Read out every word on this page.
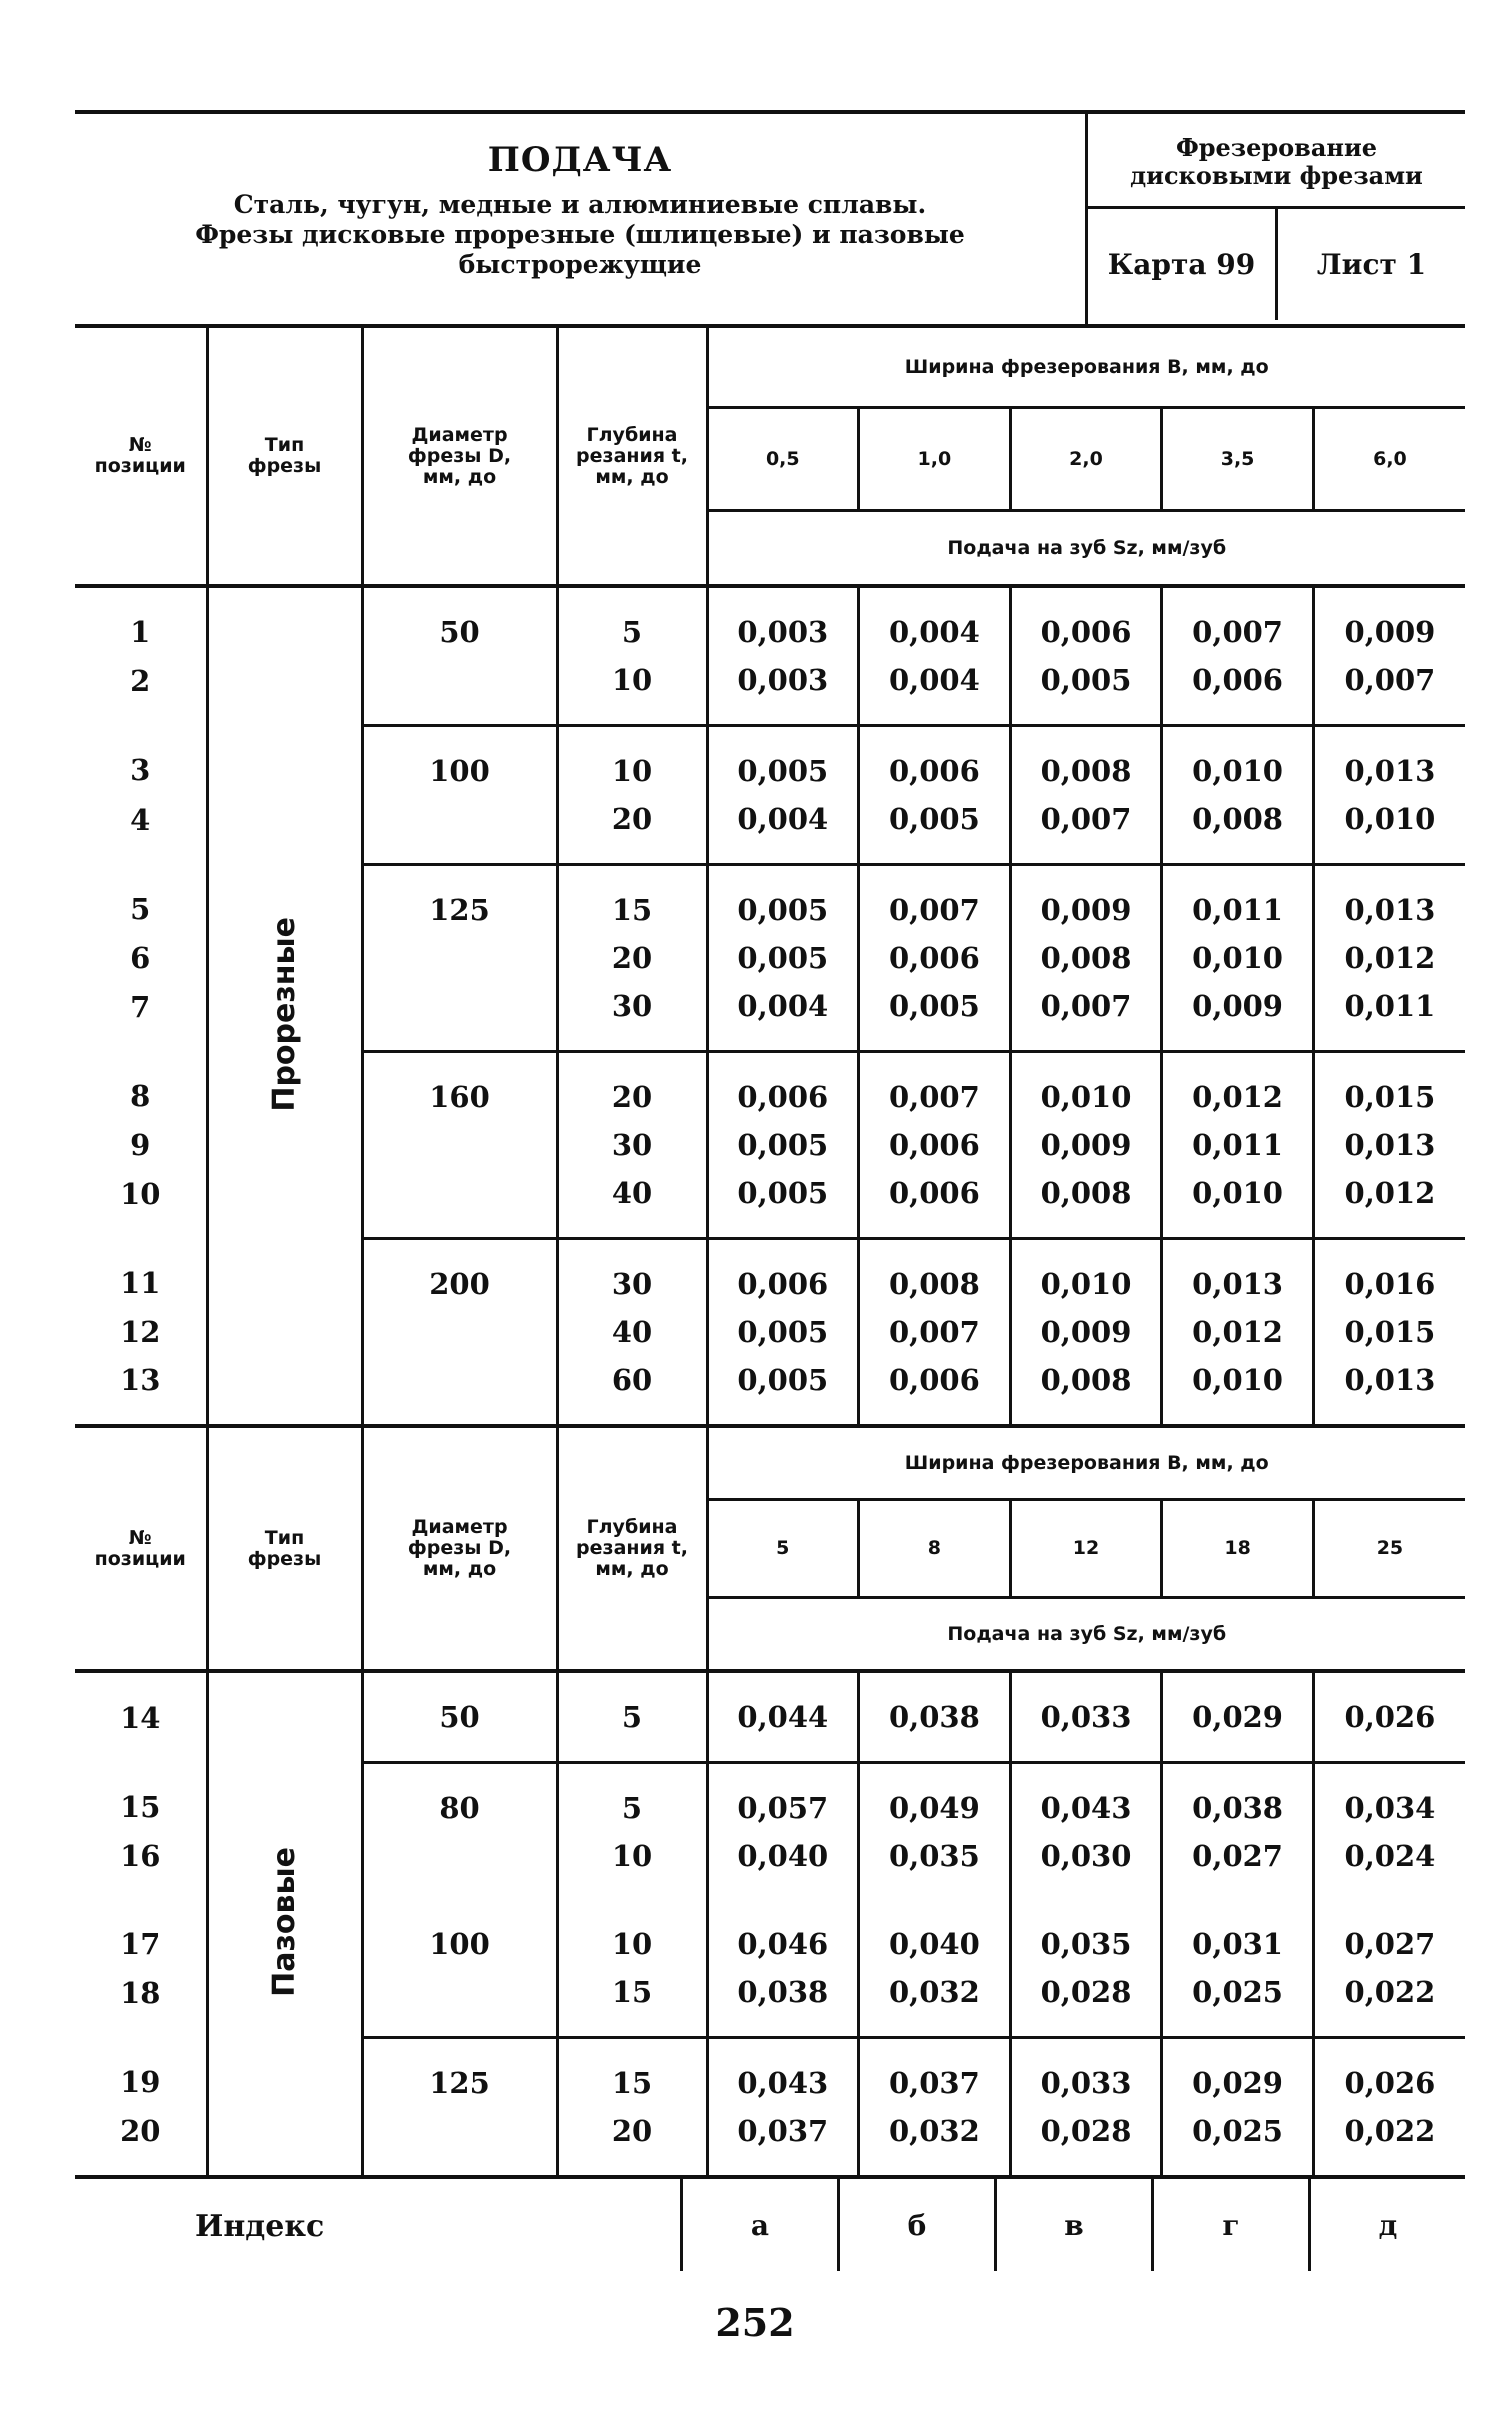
ПОДАЧА
Сталь, чугун, медные и алюминиевые сплавы.
Фрезы дисковые прорезные (шлицевые) и пазовые
быстрорежущие
Фрезерование
дисковыми фрезами
Карта 99	Лист 1
№ позиции	Тип фрезы	Диаметр фрезы D, мм, до	Глубина резания t, мм, до	Ширина фрезерования B, мм, до				
				0,5	1,0	2,0	3,5	6,0
				Подача на зуб Sz, мм/зуб				
1	Прорезные	50	5	0,003	0,004	0,006	0,007	0,009
2			10	0,003	0,004	0,005	0,006	0,007
3		100	10	0,005	0,006	0,008	0,010	0,013
4			20	0,004	0,005	0,007	0,008	0,010
5		125	15	0,005	0,007	0,009	0,011	0,013
6			20	0,005	0,006	0,008	0,010	0,012
7			30	0,004	0,005	0,007	0,009	0,011
8		160	20	0,006	0,007	0,010	0,012	0,015
9			30	0,005	0,006	0,009	0,011	0,013
10			40	0,005	0,006	0,008	0,010	0,012
11		200	30	0,006	0,008	0,010	0,013	0,016
12			40	0,005	0,007	0,009	0,012	0,015
13			60	0,005	0,006	0,008	0,010	0,013
№ позиции	Тип фрезы	Диаметр фрезы D, мм, до	Глубина резания t, мм, до	Ширина фрезерования B, мм, до				
				5	8	12	18	25
				Подача на зуб Sz, мм/зуб				
14	Пазовые	50	5	0,044	0,038	0,033	0,029	0,026
15		80	5	0,057	0,049	0,043	0,038	0,034
16			10	0,040	0,035	0,030	0,027	0,024
17		100	10	0,046	0,040	0,035	0,031	0,027
18			15	0,038	0,032	0,028	0,025	0,022
19		125	15	0,043	0,037	0,033	0,029	0,026
20			20	0,037	0,032	0,028	0,025	0,022
Индекс	а	б	в	г	д
252
